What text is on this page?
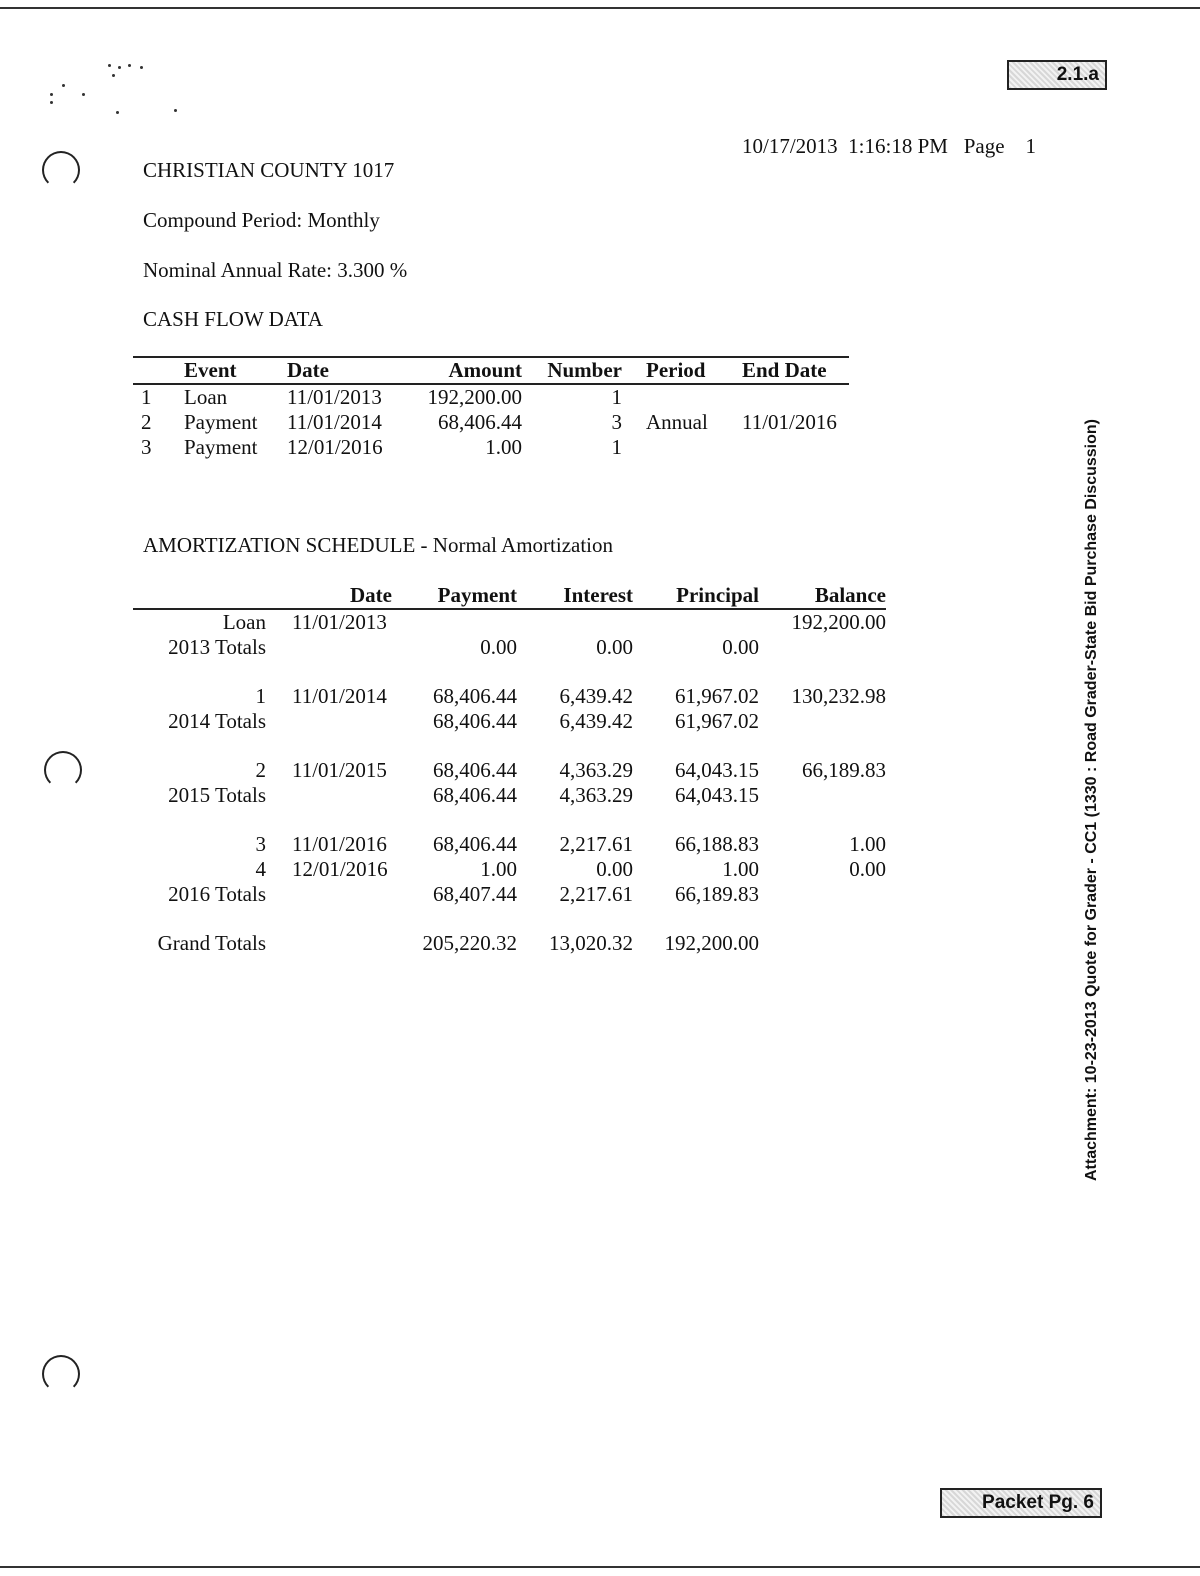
2.1.a
10/17/2013  1:16:18 PM Page 1
CHRISTIAN COUNTY 1017
Compound Period: Monthly
Nominal Annual Rate: 3.300 %
CASH FLOW DATA
	Event	Date	Amount	Number	Period	End Date
1	Loan	11/01/2013	192,200.00	1		
2	Payment	11/01/2014	68,406.44	3	Annual	11/01/2016
3	Payment	12/01/2016	1.00	1		
AMORTIZATION SCHEDULE - Normal Amortization
	Date	Payment	Interest	Principal	Balance
Loan	11/01/2013				192,200.00
2013 Totals		0.00	0.00	0.00	

1	11/01/2014	68,406.44	6,439.42	61,967.02	130,232.98
2014 Totals		68,406.44	6,439.42	61,967.02	

2	11/01/2015	68,406.44	4,363.29	64,043.15	66,189.83
2015 Totals		68,406.44	4,363.29	64,043.15	

3	11/01/2016	68,406.44	2,217.61	66,188.83	1.00
4	12/01/2016	1.00	0.00	1.00	0.00
2016 Totals		68,407.44	2,217.61	66,189.83	

Grand Totals		205,220.32	13,020.32	192,200.00		Attachment: 10-23-2013 Quote for Grader - CC1 (1330 : Road Grader-State Bid Purchase Discussion)
Packet Pg. 6
